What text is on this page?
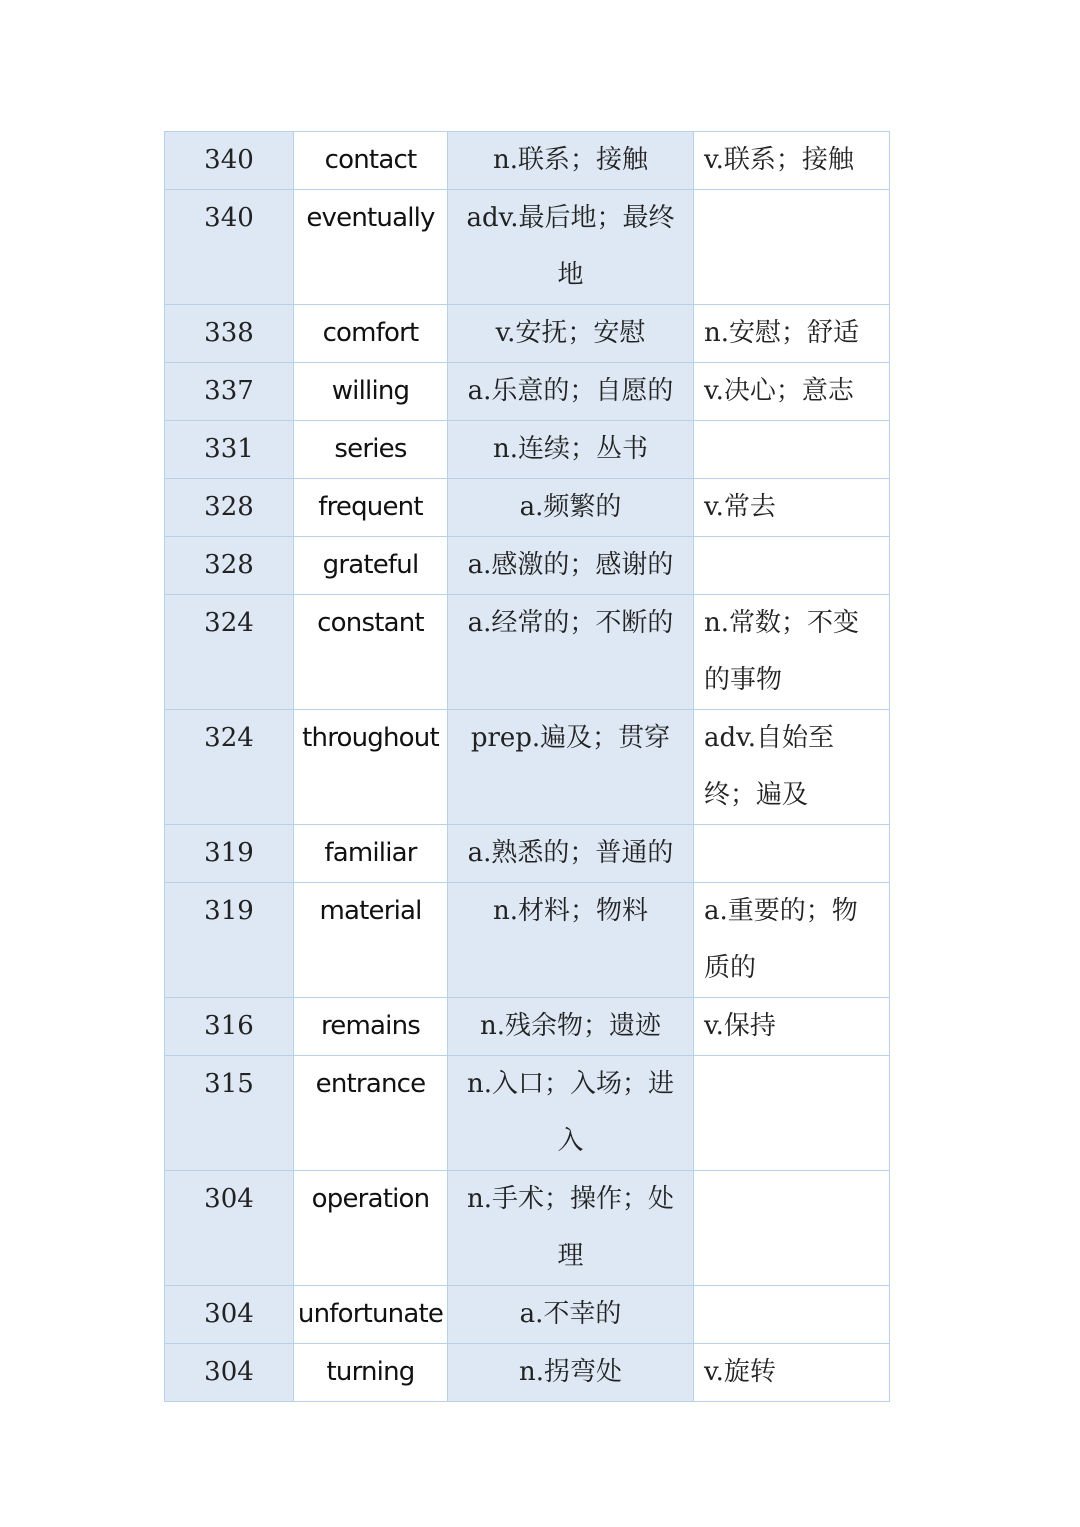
340	contact	n.联系；接触	v.联系；接触
340	eventually	adv.最后地；最终地	
338	comfort	v.安抚；安慰	n.安慰；舒适
337	willing	a.乐意的；自愿的	v.决心；意志
331	series	n.连续；丛书	
328	frequent	a.频繁的	v.常去
328	grateful	a.感激的；感谢的	
324	constant	a.经常的；不断的	n.常数；不变的事物
324	throughout	prep.遍及；贯穿	adv.自始至终；遍及
319	familiar	a.熟悉的；普通的	
319	material	n.材料；物料	a.重要的；物质的
316	remains	n.残余物；遗迹	v.保持
315	entrance	n.入口；入场；进入	
304	operation	n.手术；操作；处理	
304	unfortunate	a.不幸的	
304	turning	n.拐弯处	v.旋转
